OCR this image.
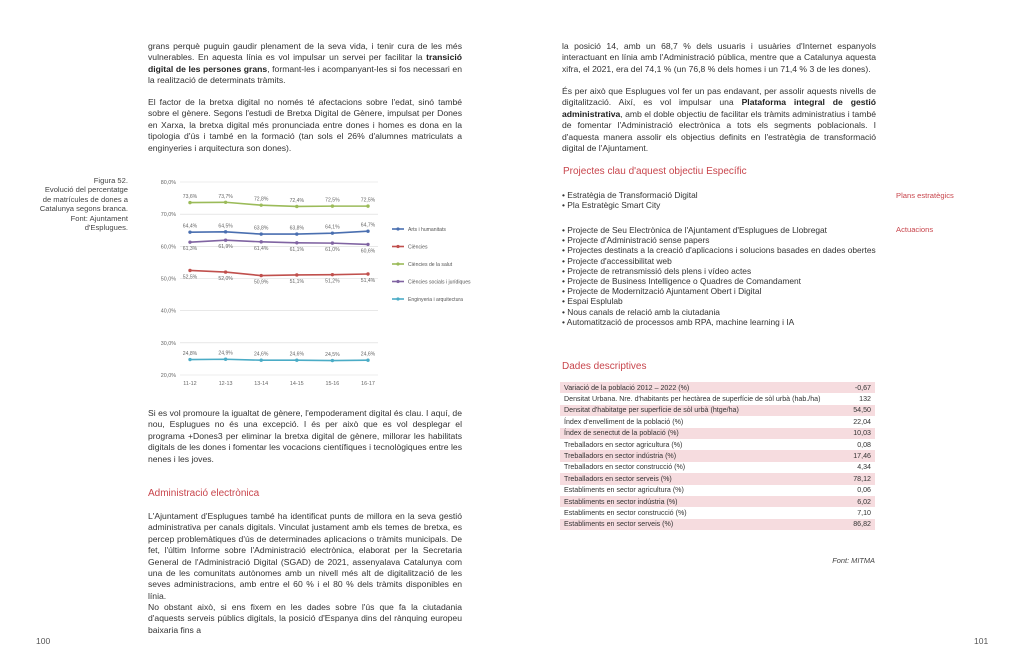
grans perquè puguin gaudir plenament de la seva vida, i tenir cura de les més vulnerables. En aquesta línia es vol impulsar un servei per facilitar la transició digital de les persones grans, formant-les i acompanyant-les si fos necessari en la realització de determinats tràmits.

El factor de la bretxa digital no només té afectacions sobre l'edat, sinó també sobre el gènere. Segons l'estudi de Bretxa Digital de Gènere, impulsat per Dones en Xarxa, la bretxa digital més pronunciada entre dones i homes es dona en la tipologia d'ús i també en la formació (tan sols el 26% d'alumnes matriculats a enginyeries i arquitectura son dones).

Figura 52.
Evolució del percentatge
de matrícules de dones a
Catalunya segons branca.
Font: Ajuntament
d'Esplugues.
20,0%
30,0%
40,0%
50,0%
60,0%
70,0%
80,0%
11-12	12-13	13-14	14-15	15-16	16-17
64,4%	64,5%	63,8%	63,8%	64,1%	64,7%
Arts i humanitats
52,5%	52,0%
50,9%	51,1%	51,2%	51,4%
Ciències
73,6%	73,7%	72,8%	72,4%	72,5%	72,5%
Ciències de la salut
61,3%	61,9%	61,4%	61,1%	61,0%	60,6%
Ciències socials i jurídiques
24,8%	24,9%	24,6%	24,6%	24,5%	24,6%
Enginyeria i arquitectura

Si es vol promoure la igualtat de gènere, l'empoderament digital és clau. I aquí, de nou, Esplugues no és una excepció. I és per això que es vol desplegar el programa +Dones3 per eliminar la bretxa digital de gènere, millorar les habilitats digitals de les dones i fomentar les vocacions científiques i tecnològiques entre les nenes i les joves.

Administració electrònica

L'Ajuntament d'Esplugues també ha identificat punts de millora en la seva gestió administrativa per canals digitals. Vinculat justament amb els temes de bretxa, es percep problemàtiques d'ús de determinades aplicacions o tràmits municipals. De fet, l'últim Informe sobre l'Administració electrònica, elaborat per la Secretaria General de l'Administració Digital (SGAD) de 2021, assenyalava Catalunya com una de les comunitats autònomes amb un nivell més alt de digitalització de les seves administracions, amb entre el 60 % i el 80 % dels tràmits disponibles en línia.

No obstant això, si ens fixem en les dades sobre l'ús que fa la ciutadania d'aquests serveis públics digitals, la posició d'Espanya dins del rànquing europeu baixaria fins a

100

la posició 14, amb un 68,7 % dels usuaris i usuàries d'Internet espanyols interactuant en línia amb l'Administració pública, mentre que a Catalunya aquesta xifra, el 2021, era del 74,1 % (un 76,8 % dels homes i un 71,4 % 3 de les dones).

És per això que Esplugues vol fer un pas endavant, per assolir aquests nivells de digitalització. Així, es vol impulsar una Plataforma integral de gestió administrativa, amb el doble objectiu de facilitar els tràmits administratius i també de fomentar l'Administració electrònica a tots els segments poblacionals. I d'aquesta manera assolir els objectius definits en l'estratègia de transformació digital de l'Ajuntament.

Projectes clau d'aquest objectiu Específic
Plans estratègics
• Estratègia de Transformació Digital
• Pla Estratègic Smart City
Actuacions
• Projecte de Seu Electrònica de l'Ajuntament d'Esplugues de Llobregat
• Projecte d'Administració sense papers
• Projectes destinats a la creació d'aplicacions i solucions basades en dades obertes
• Projecte d'accessibilitat web
• Projecte de retransmissió dels plens i vídeo actes
• Projecte de Business Intelligence o Quadres de Comandament
• Projecte de Modernització Ajuntament Obert i Digital
• Espai Esplulab
• Nous canals de relació amb la ciutadania
• Automatització de processos amb RPA, machine learning i IA
Dades descriptives
Variació de la població 2012 – 2022 (%)	-0,67
Densitat Urbana. Nre. d'habitants per hectàrea de superfície de sòl urbà (hab./ha)	132
Densitat d'habitatge per superfície de sòl urbà (htge/ha)	54,50
Índex d'envelliment de la població (%)	22,04
Índex de senectut de la població (%)	10,03
Treballadors en sector agricultura (%)	0,08
Treballadors en sector indústria (%)	17,46
Treballadors en sector construcció (%)	4,34
Treballadors en sector serveis (%)	78,12
Establiments en sector agricultura (%)	0,06
Establiments en sector indústria (%)	6,02
Establiments en sector construcció (%)	7,10
Establiments en sector serveis (%)	86,82
Font: MITMA
101
